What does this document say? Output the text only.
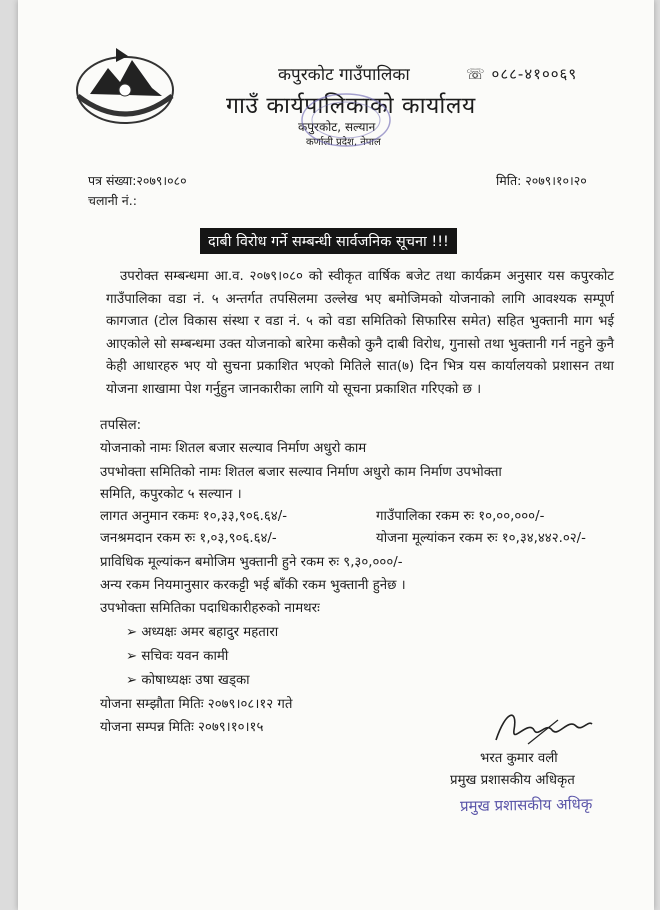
कपुरकोट गाउँपालिका	☏ ०८८-४१००६९
गाउँ कार्यपालिकाको कार्यालय
कपुरकोट, सल्यान
कर्णाली प्रदेश, नेपाल
पत्र संख्या:२०७९।०८०
चलानी नं.:
मिति: २०७९।१०।२०
दाबी विरोध गर्ने सम्बन्धी सार्वजनिक सूचना !!!
उपरोक्त सम्बन्धमा आ.व. २०७९।०८० को स्वीकृत वार्षिक बजेट तथा कार्यक्रम अनुसार यस कपुरकोट गाउँपालिका वडा नं. ५ अन्तर्गत तपसिलमा उल्लेख भए बमोजिमको योजनाको लागि आवश्यक सम्पूर्ण कागजात (टोल विकास संस्था र वडा नं. ५ को वडा समितिको सिफारिस समेत) सहित भुक्तानी माग भई आएकोले सो सम्बन्धमा उक्त योजनाको बारेमा कसैको कुनै दाबी विरोध, गुनासो तथा भुक्तानी गर्न नहुने कुनै केही आधारहरु भए यो सुचना प्रकाशित भएको मितिले सात(७) दिन भित्र यस कार्यालयको प्रशासन तथा योजना शाखामा पेश गर्नुहुन जानकारीका लागि यो सूचना प्रकाशित गरिएको छ ।
तपसिल:
योजनाको नामः शितल बजार सल्याव निर्माण अधुरो काम
उपभोक्ता समितिको नामः शितल बजार सल्याव निर्माण अधुरो काम निर्माण उपभोक्ता
समिति, कपुरकोट ५ सल्यान ।
लागत अनुमान रकमः १०,३३,९०६.६४/-	गाउँपालिका रकम रुः १०,००,०००/-
जनश्रमदान रकम रुः १,०३,९०६.६४/-	योजना मूल्यांकन रकम रुः १०,३४,४४२.०२/-
प्राविधिक मूल्यांकन बमोजिम भुक्तानी हुने रकम रुः ९,३०,०००/-
अन्य रकम नियमानुसार करकट्टी भई बाँकी रकम भुक्तानी हुनेछ ।
उपभोक्ता समितिका पदाधिकारीहरुको नामथरः
➢ अध्यक्षः अमर बहादुर महतारा
➢ सचिवः यवन कामी
➢ कोषाध्यक्षः उषा खड्का
योजना सम्झौता मितिः २०७९।०८।१२ गते
योजना सम्पन्न मितिः २०७९।१०।१५
भरत कुमार वली
प्रमुख प्रशासकीय अधिकृत
प्रमुख प्रशासकीय अधिकृ
